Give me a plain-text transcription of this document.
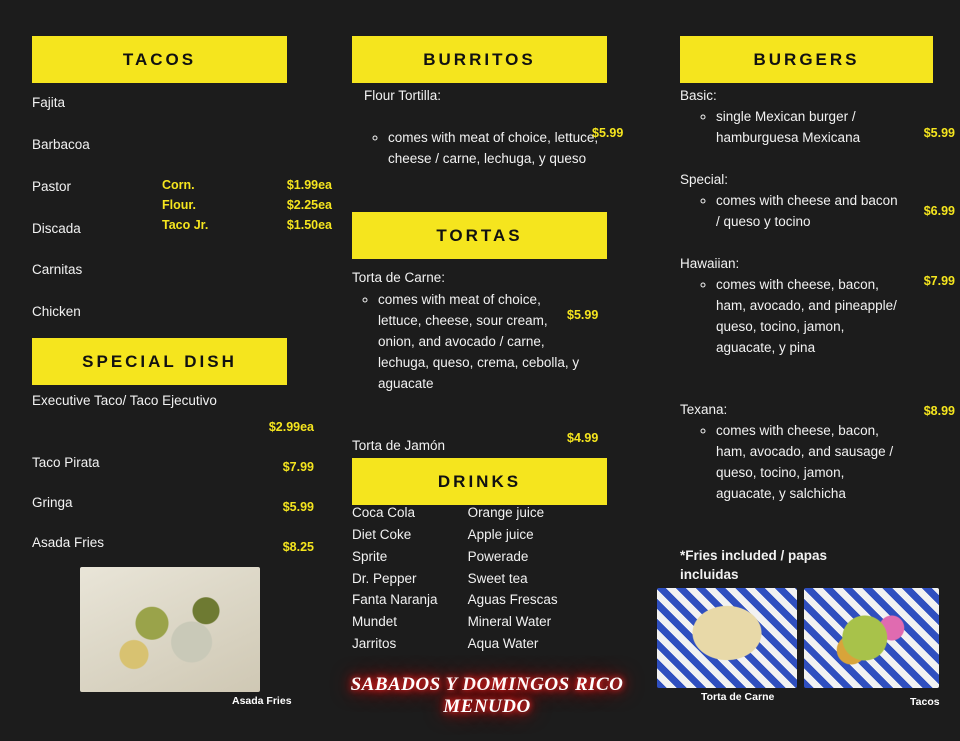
TACOS

Fajita

Barbacoa

Pastor

Discada

Carnitas

Chicken

Corn.	$1.99ea
Flour.	$2.25ea
Taco Jr.	$1.50ea
SPECIAL DISH
Executive Taco/ Taco Ejecutivo
$2.99ea
Taco Pirata	$7.99
Gringa	$5.99
Asada Fries	$8.25
Asada Fries
BURRITOS
Flour Tortilla:
◦ comes with meat of choice, lettuce, cheese / carne, lechuga, y queso
$5.99
TORTAS
Torta de Carne:
◦ comes with meat of choice, lettuce, cheese, sour cream, onion, and avocado / carne, lechuga, queso, crema, cebolla, y aguacate
$5.99
Torta de Jamón	$4.99
DRINKS
Coca Cola
Diet Coke
Sprite
Dr. Pepper
Fanta Naranja
Mundet
Jarritos
Orange juice
Apple juice
Powerade
Sweet tea
Aguas Frescas
Mineral Water
Aqua Water
SABADOS Y DOMINGOS RICO MENUDO
BURGERS
Basic:
◦ single Mexican burger / hamburguesa Mexicana	$5.99
Special:
◦ comes with cheese and bacon / queso y tocino
$6.99
Hawaiian:
◦ comes with cheese, bacon, ham, avocado, and pineapple/ queso, tocino, jamon, aguacate, y pina
$7.99
Texana:
◦ comes with cheese, bacon, ham, avocado, and sausage / queso, tocino, jamon, aguacate, y salchicha
$8.99
*Fries included / papas incluidas
Torta de Carne	Tacos
